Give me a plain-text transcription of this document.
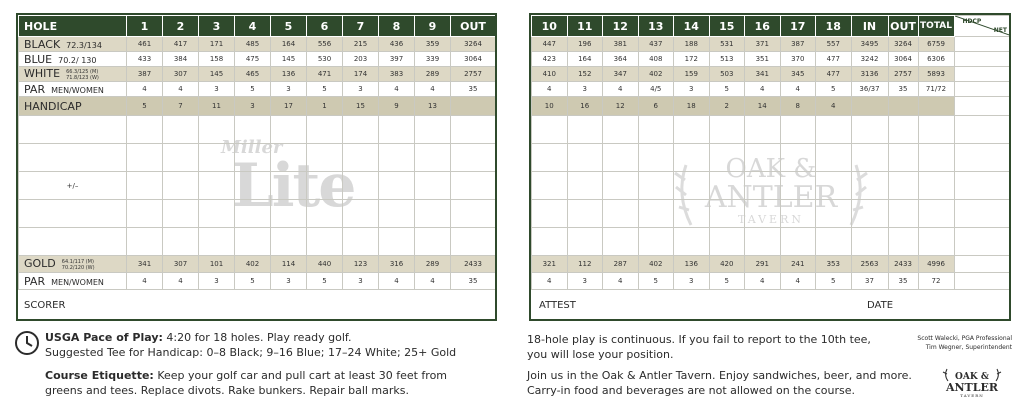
Miller
Lite
HOLE	1	2	3	4	5	6	7	8	9	OUT
BLACK 72.3/134	461	417	171	485	164	556	215	436	359	3264
BLUE 70.2/ 130	433	384	158	475	145	530	203	397	339	3064
WHITE 66.3/125 (M)
71.8/123 (W)	387	307	145	465	136	471	174	383	289	2757
PAR MEN/WOMEN	4	4	3	5	3	5	3	4	4	35
HANDICAP	5	7	11	3	17	1	15	9	13	

+/–										

GOLD 64.1/117 (M)
70.2/120 (W)	341	307	101	402	114	440	123	316	289	2433
PAR MEN/WOMEN	4	4	3	5	3	5	3	4	4	35
SCORER
OAK &
ANTLER
TAVERN
10	11	12	13	14	15	16	17	18	IN	OUT	TOTAL	HDCP
NET

447	196	381	437	188	531	371	387	557	3495	3264	6759	
423	164	364	408	172	513	351	370	477	3242	3064	6306	
410	152	347	402	159	503	341	345	477	3136	2757	5893	
4	3	4	4/5	3	5	4	4	5	36/37	35	71/72	
10	16	12	6	18	2	14	8	4				

321	112	287	402	136	420	291	241	353	2563	2433	4996	
4	3	4	5	3	5	4	4	5	37	35	72	
ATTEST	DATE
USGA Pace of Play: 4:20 for 18 holes. Play ready golf.
Suggested Tee for Handicap: 0–8 Black; 9–16 Blue; 17–24 White; 25+ Gold
Course Etiquette: Keep your golf car and pull cart at least 30 feet from
greens and tees. Replace divots. Rake bunkers. Repair ball marks.
18-hole play is continuous. If you fail to report to the 10th tee,
you will lose your position.
Join us in the Oak & Antler Tavern. Enjoy sandwiches, beer, and more.
Carry-in food and beverages are not allowed on the course.
Scott Walecki, PGA Professional
Tim Wegner, Superintendent
OAK &
ANTLER
TAVERN
